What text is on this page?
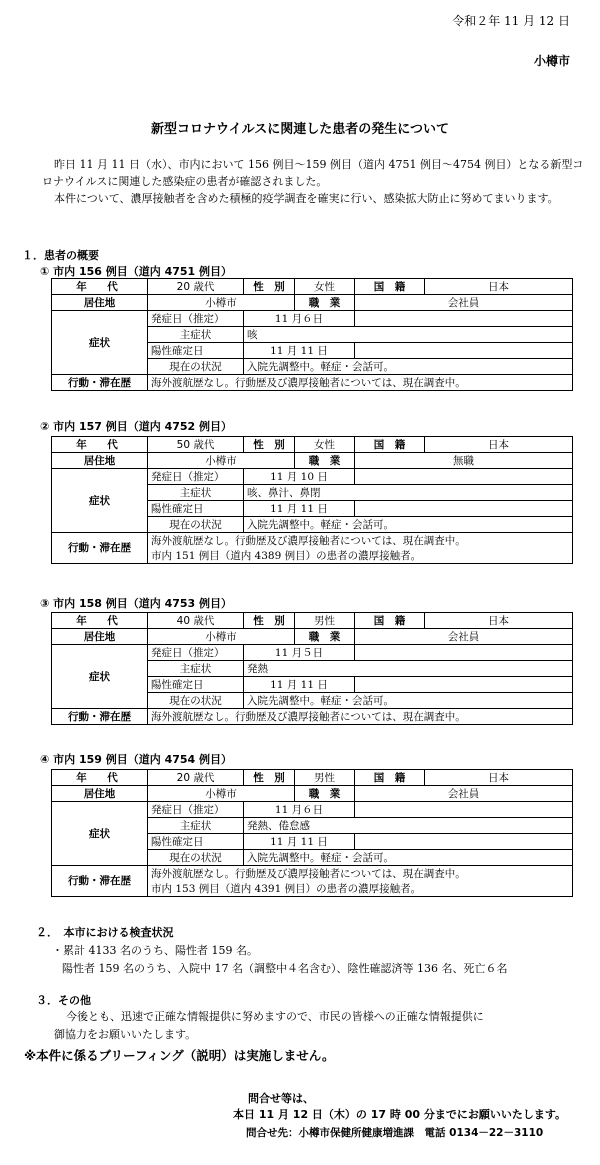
令和２年 11 月 12 日
小樽市
新型コロナウイルスに関連した患者の発生について

昨日 11 月 11 日（水）、市内において 156 例目～159 例目（道内 4751 例目～4754 例目）となる新型コロナウイルスに関連した感染症の患者が確認されました。

本件について、濃厚接触者を含めた積極的疫学調査を確実に行い、感染拡大防止に努めてまいります。

１．患者の概要
① 市内 156 例目（道内 4751 例目）
年　代	20 歳代	性　別	女性	国　籍	日本
居住地	小樽市		職　業	会社員	
症状	発症日（推定）	11 月６日			
	主症状	咳			
	陽性確定日	11 月 11 日			
	現在の状況	入院先調整中。軽症・会話可。			
行動・滞在歴	海外渡航歴なし。行動歴及び濃厚接触者については、現在調査中。				
② 市内 157 例目（道内 4752 例目）
年　代	50 歳代	性　別	女性	国　籍	日本
居住地	小樽市		職　業	無職	
症状	発症日（推定）	11 月 10 日			
	主症状	咳、鼻汁、鼻閉			
	陽性確定日	11 月 11 日			
	現在の状況	入院先調整中。軽症・会話可。			
行動・滞在歴	海外渡航歴なし。行動歴及び濃厚接触者については、現在調査中。				
	市内 151 例目（道内 4389 例目）の患者の濃厚接触者。				
③ 市内 158 例目（道内 4753 例目）
年　代	40 歳代	性　別	男性	国　籍	日本
居住地	小樽市		職　業	会社員	
症状	発症日（推定）	11 月５日			
	主症状	発熱			
	陽性確定日	11 月 11 日			
	現在の状況	入院先調整中。軽症・会話可。			
行動・滞在歴	海外渡航歴なし。行動歴及び濃厚接触者については、現在調査中。				
④ 市内 159 例目（道内 4754 例目）
年　代	20 歳代	性　別	男性	国　籍	日本
居住地	小樽市		職　業	会社員	
症状	発症日（推定）	11 月６日			
	主症状	発熱、倦怠感			
	陽性確定日	11 月 11 日			
	現在の状況	入院先調整中。軽症・会話可。			
行動・滞在歴	海外渡航歴なし。行動歴及び濃厚接触者については、現在調査中。				
	市内 153 例目（道内 4391 例目）の患者の濃厚接触者。				
２．　本市における検査状況
・累計 4133 名のうち、陽性者 159 名。
陽性者 159 名のうち、入院中 17 名（調整中４名含む）、陰性確認済等 136 名、死亡６名
３．その他

今後とも、迅速で正確な情報提供に努めますので、市民の皆様への正確な情報提供に

御協力をお願いいたします。

※本件に係るブリーフィング（説明）は実施しません。
問合せ等は、
本日 11 月 12 日（木）の 17 時 00 分までにお願いいたします。
問合せ先：小樽市保健所健康増進課　電話 0134－22－3110
